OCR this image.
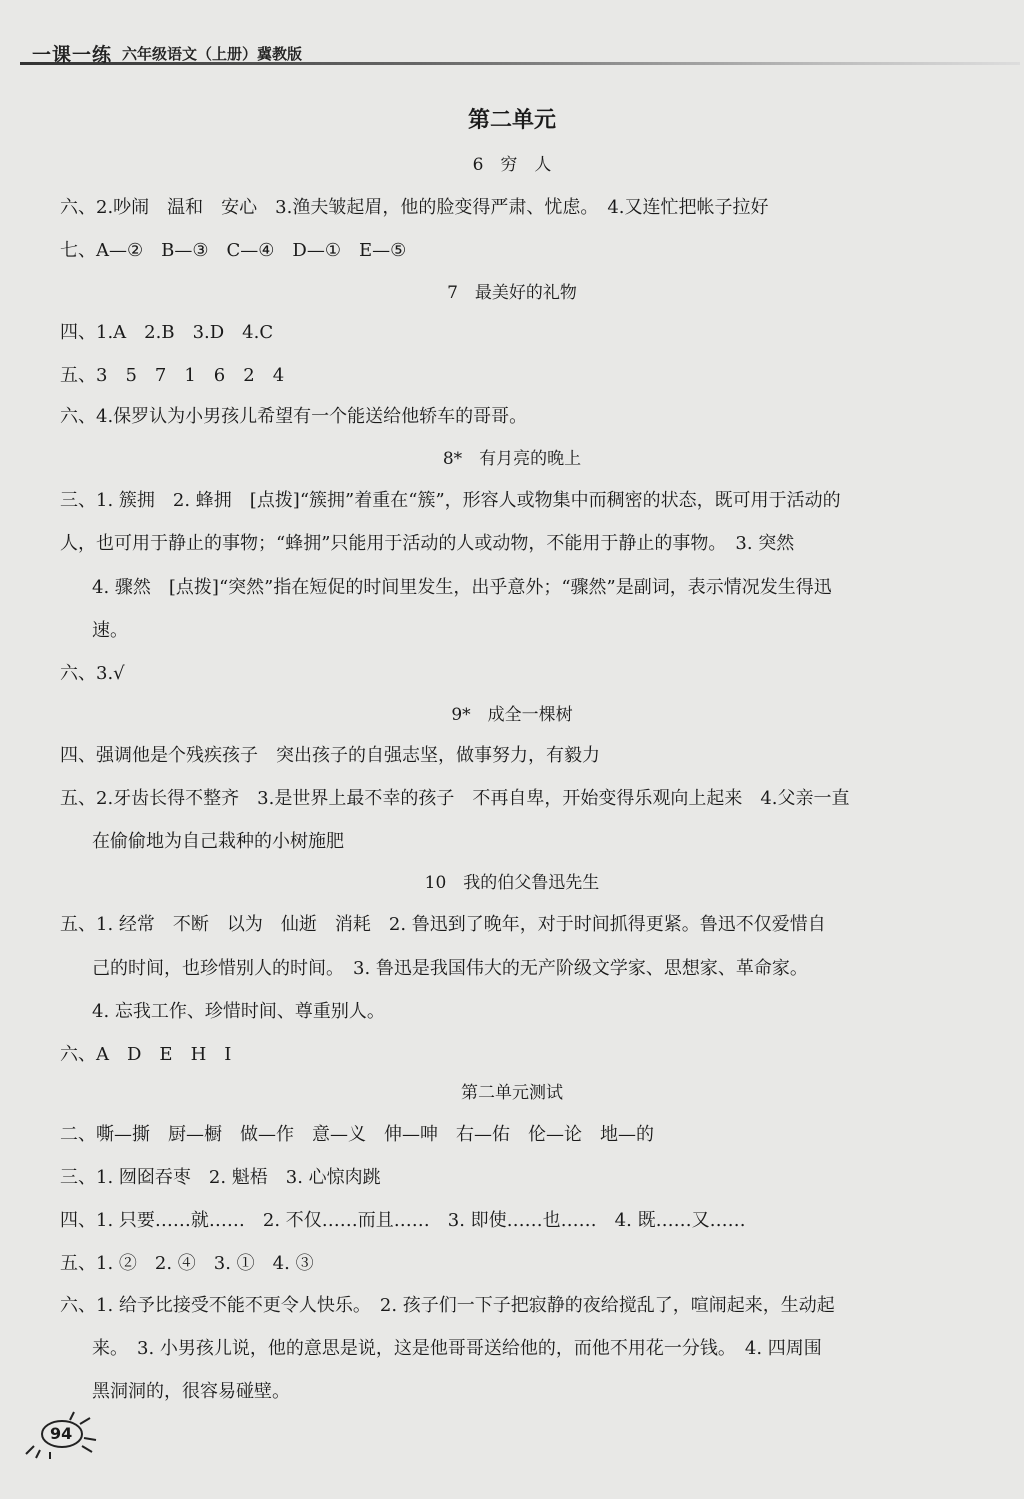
一课一练 六年级语文（上册）冀教版
第二单元
6　穷　人
六、2.吵闹　温和　安心　3.渔夫皱起眉，他的脸变得严肃、忧虑。　4.又连忙把帐子拉好
七、A—②　B—③　C—④　D—①　E—⑤
7　最美好的礼物
四、1.A　2.B　3.D　4.C
五、3　5　7　1　6　2　4
六、4.保罗认为小男孩儿希望有一个能送给他轿车的哥哥。
8*　有月亮的晚上
三、1. 簇拥　2. 蜂拥　[点拨]“簇拥”着重在“簇”，形容人或物集中而稠密的状态，既可用于活动的
人，也可用于静止的事物；“蜂拥”只能用于活动的人或动物，不能用于静止的事物。　3. 突然
4. 骤然　[点拨]“突然”指在短促的时间里发生，出乎意外；“骤然”是副词，表示情况发生得迅
速。
六、3.√
9*　成全一棵树
四、强调他是个残疾孩子　突出孩子的自强志坚，做事努力，有毅力
五、2.牙齿长得不整齐　3.是世界上最不幸的孩子　不再自卑，开始变得乐观向上起来　4.父亲一直
在偷偷地为自己栽种的小树施肥
10　我的伯父鲁迅先生
五、1. 经常　不断　以为　仙逝　消耗　2. 鲁迅到了晚年，对于时间抓得更紧。鲁迅不仅爱惜自
己的时间，也珍惜别人的时间。　3. 鲁迅是我国伟大的无产阶级文学家、思想家、革命家。
4. 忘我工作、珍惜时间、尊重别人。
六、A　D　E　H　I
第二单元测试
二、嘶—撕　厨—橱　做—作　意—义　伸—呻　右—佑　伦—论　地—的
三、1. 囫囵吞枣　2. 魁梧　3. 心惊肉跳
四、1. 只要……就……　2. 不仅……而且……　3. 即使……也……　4. 既……又……
五、1. ②　2. ④　3. ①　4. ③
六、1. 给予比接受不能不更令人快乐。　2. 孩子们一下子把寂静的夜给搅乱了，喧闹起来，生动起
来。　3. 小男孩儿说，他的意思是说，这是他哥哥送给他的，而他不用花一分钱。　4. 四周围
黑洞洞的，很容易碰壁。
94
